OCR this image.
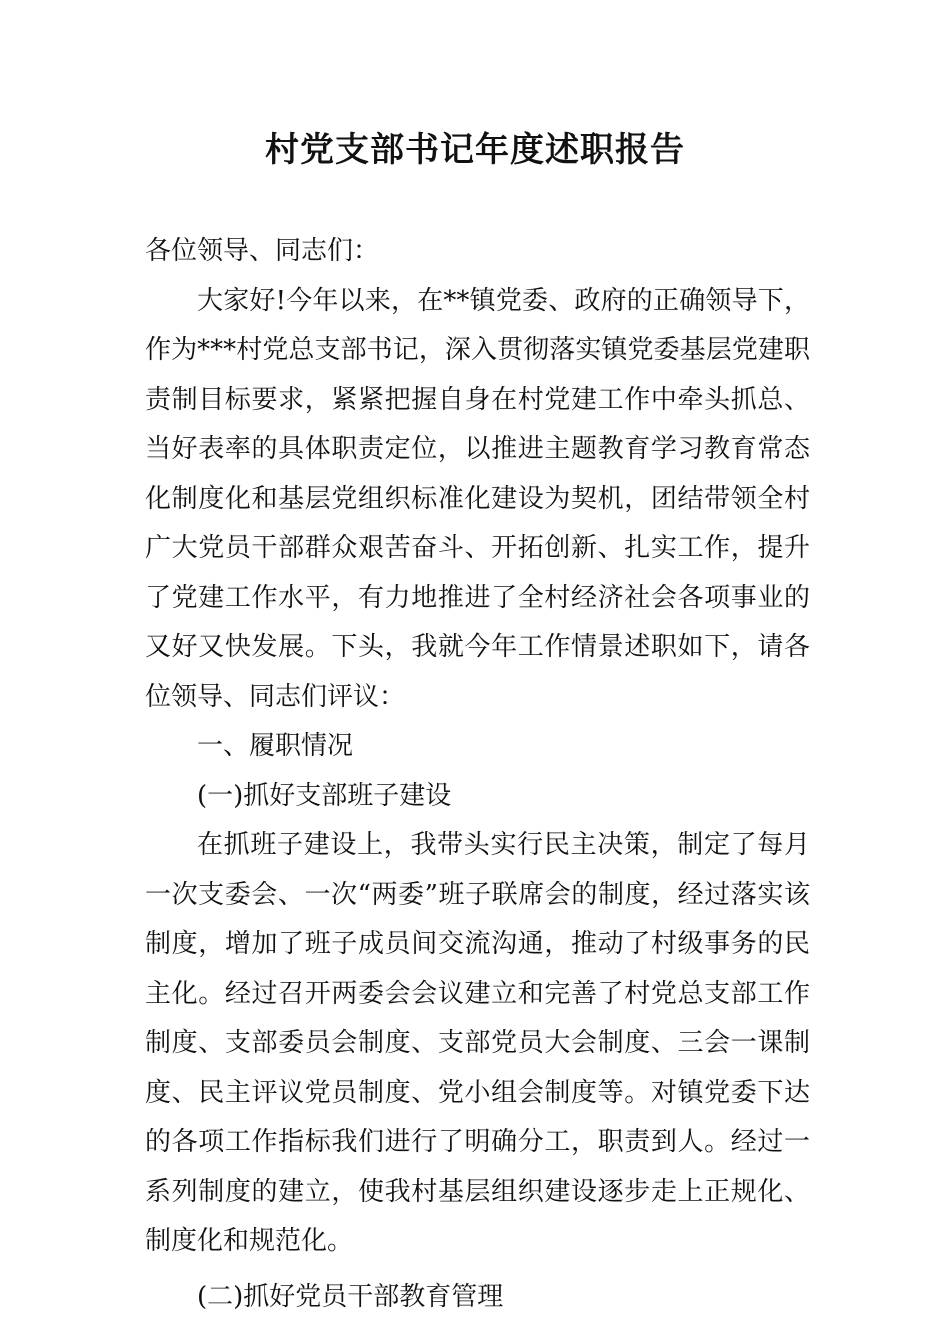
村党支部书记年度述职报告

各位领导、同志们：

大家好!今年以来，在**镇党委、政府的正确领导下，作为***村党总支部书记，深入贯彻落实镇党委基层党建职责制目标要求，紧紧把握自身在村党建工作中牵头抓总、当好表率的具体职责定位，以推进主题教育学习教育常态化制度化和基层党组织标准化建设为契机，团结带领全村广大党员干部群众艰苦奋斗、开拓创新、扎实工作，提升了党建工作水平，有力地推进了全村经济社会各项事业的又好又快发展。下头，我就今年工作情景述职如下，请各位领导、同志们评议：

一、履职情况

(一)抓好支部班子建设

在抓班子建设上，我带头实行民主决策，制定了每月一次支委会、一次“两委”班子联席会的制度，经过落实该制度，增加了班子成员间交流沟通，推动了村级事务的民主化。经过召开两委会会议建立和完善了村党总支部工作制度、支部委员会制度、支部党员大会制度、三会一课制度、民主评议党员制度、党小组会制度等。对镇党委下达的各项工作指标我们进行了明确分工，职责到人。经过一系列制度的建立，使我村基层组织建设逐步走上正规化、制度化和规范化。

(二)抓好党员干部教育管理
